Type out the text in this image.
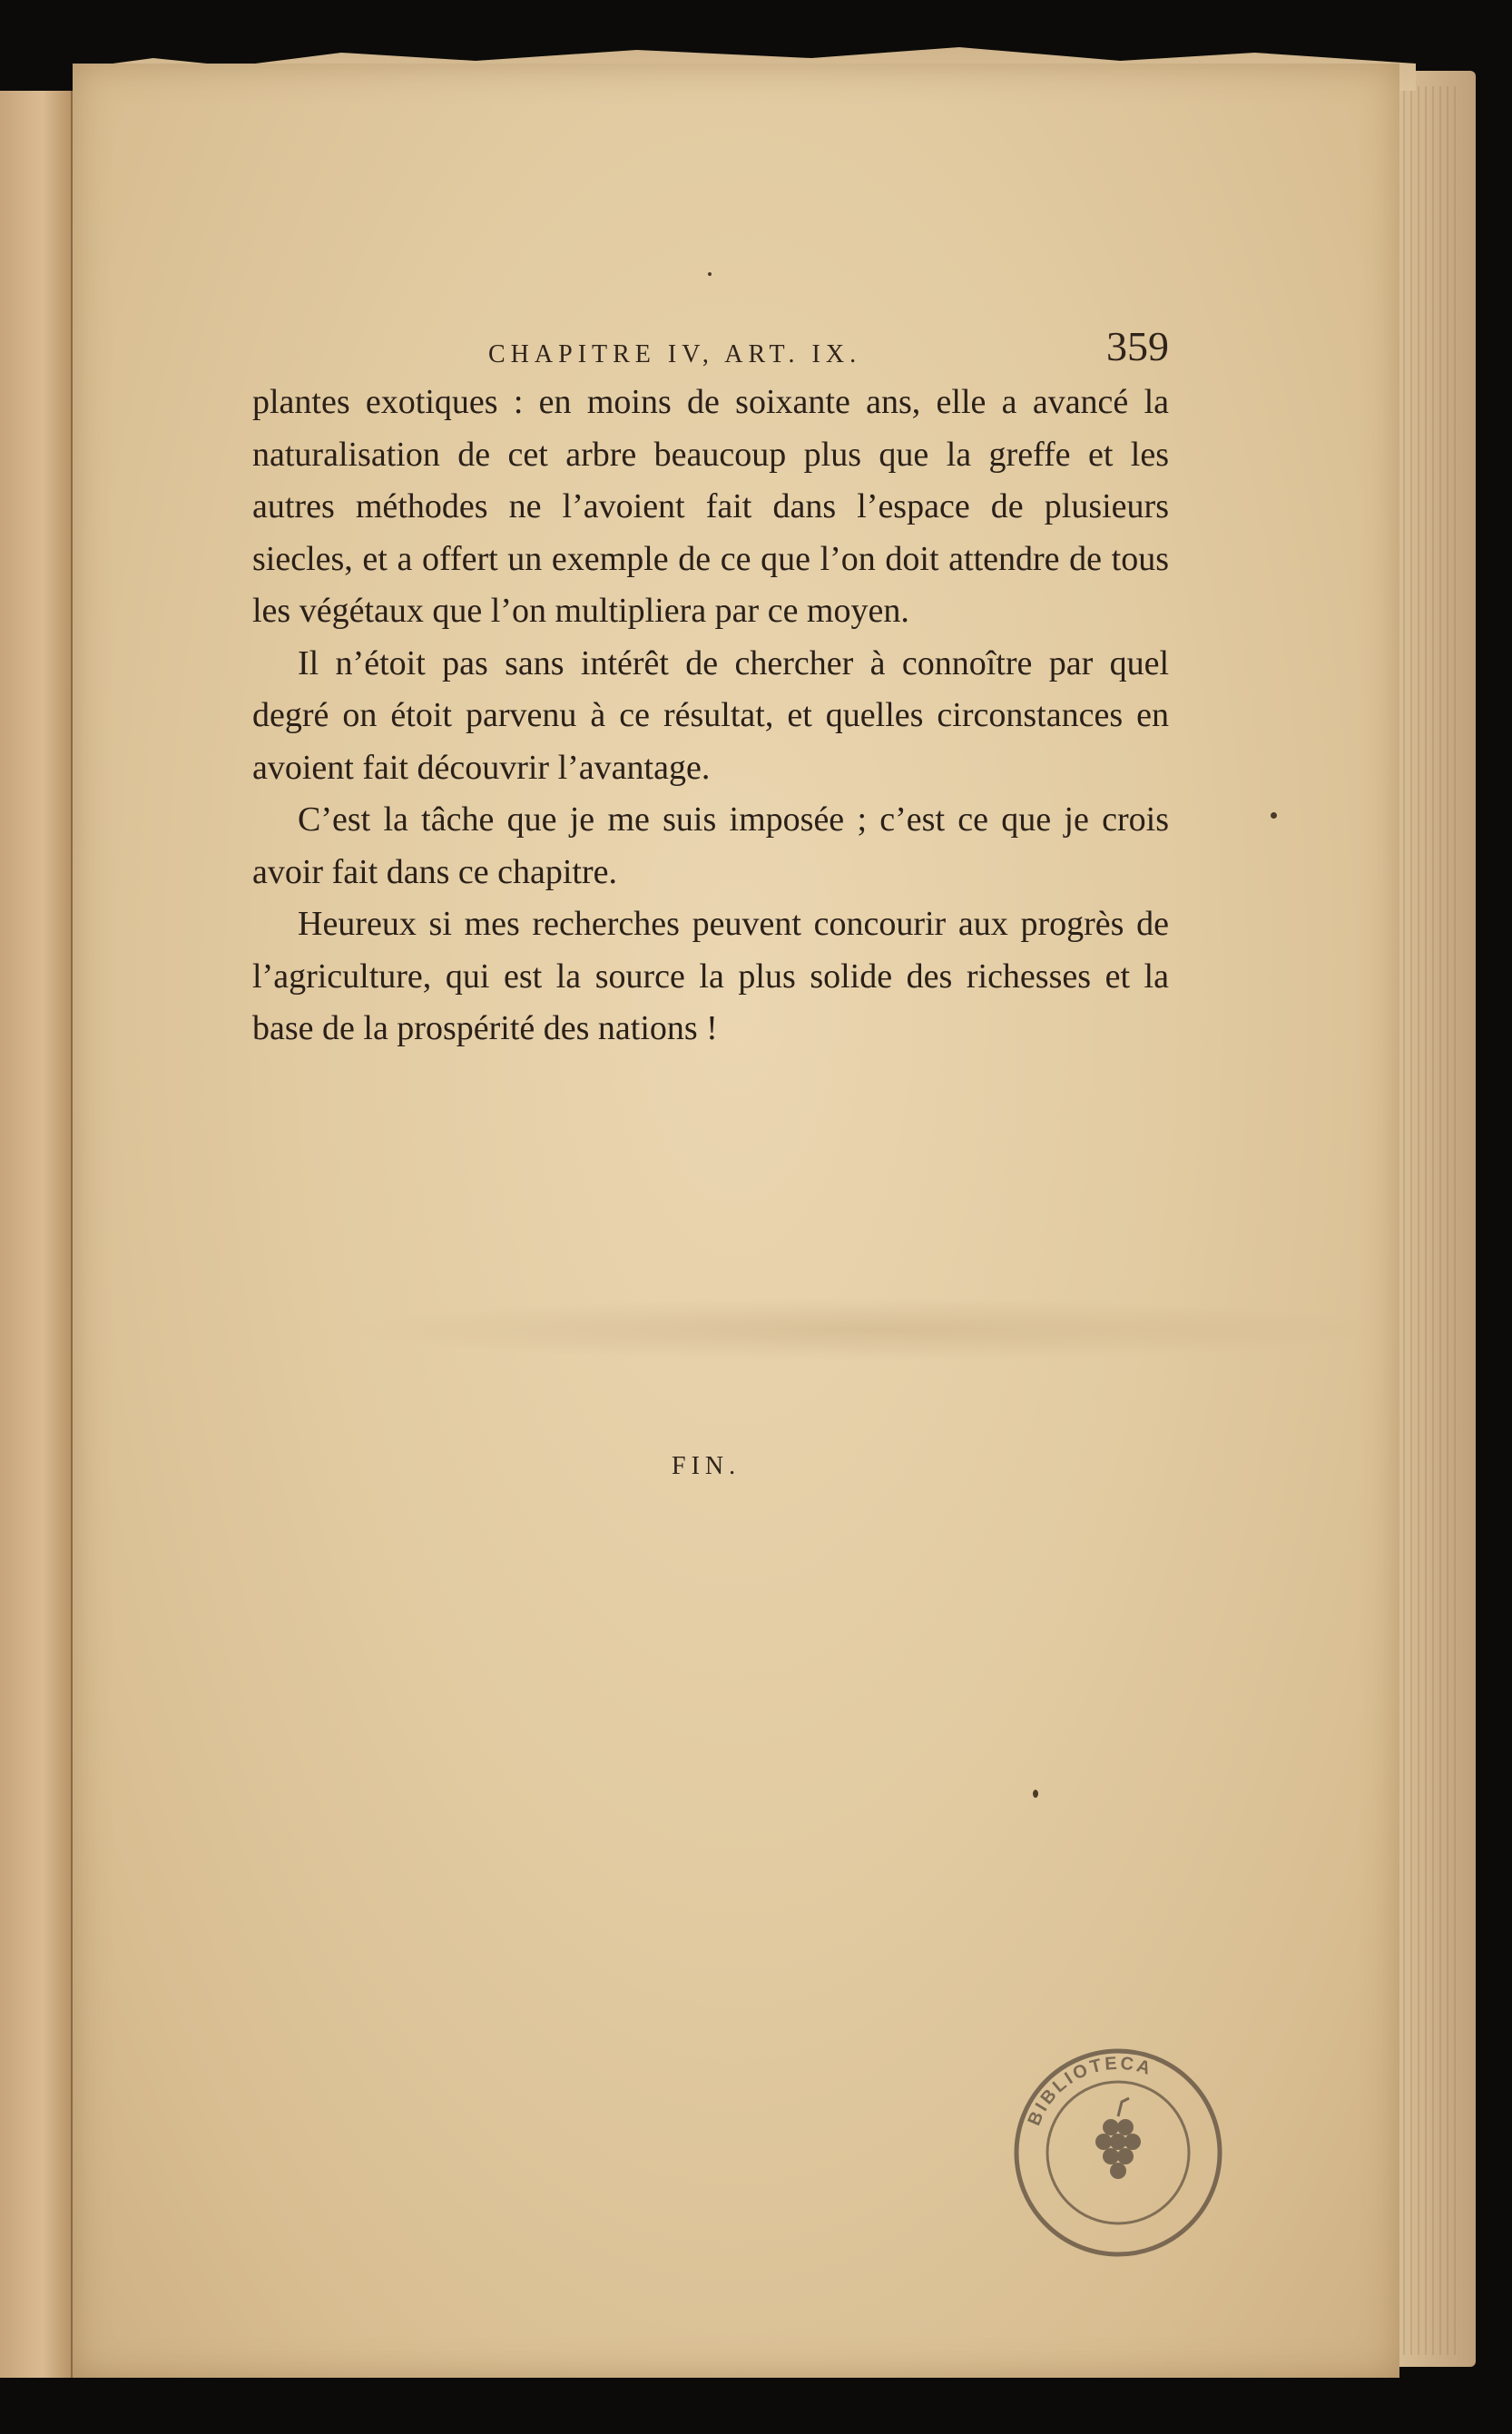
CHAPITRE IV, ART. IX.	359

plantes exotiques : en moins de soixante ans, elle a avancé la naturalisation de cet arbre beaucoup plus que la greffe et les autres méthodes ne l’avoient fait dans l’espace de plusieurs siecles, et a offert un exemple de ce que l’on doit attendre de tous les végétaux que l’on multipliera par ce moyen.

Il n’étoit pas sans intérêt de chercher à connoître par quel degré on étoit parvenu à ce résultat, et quelles circonstances en avoient fait découvrir l’avantage.

C’est la tâche que je me suis imposée ; c’est ce que je crois avoir fait dans ce chapitre.

Heureux si mes recherches peuvent concourir aux progrès de l’agriculture, qui est la source la plus solide des richesses et la base de la prospérité des nations !

FIN.
BIBLIOTECA
